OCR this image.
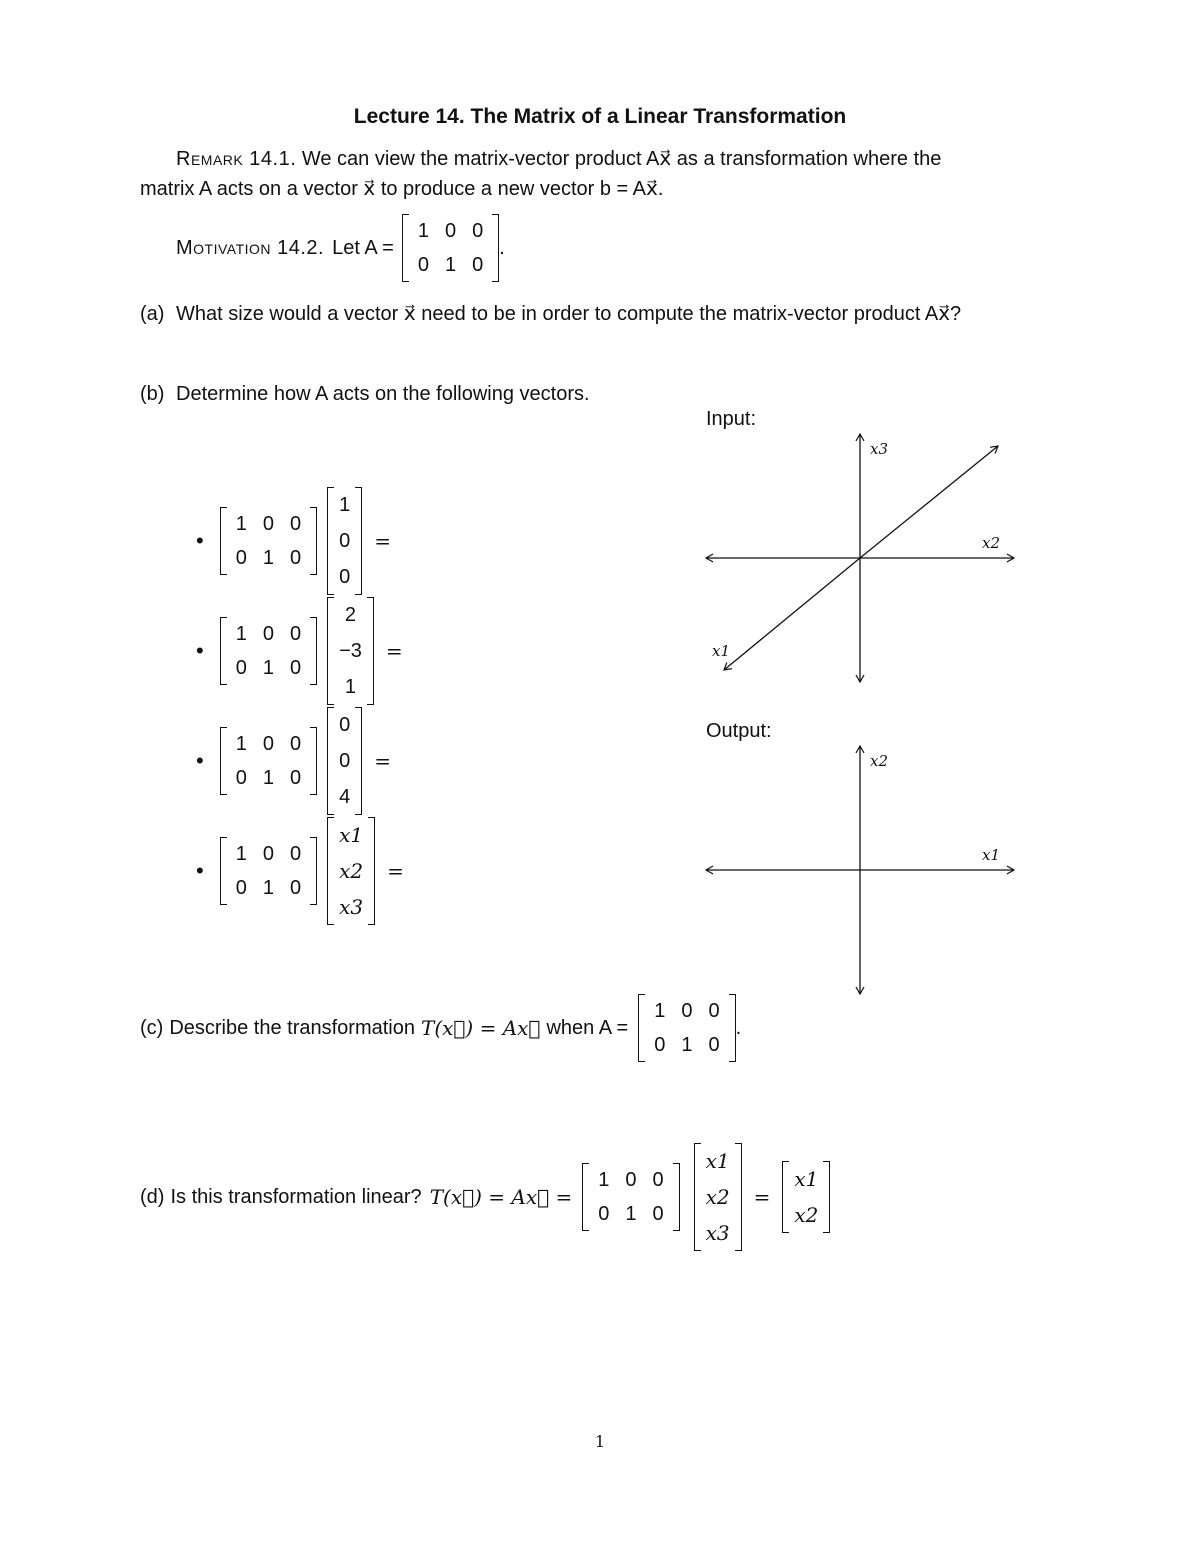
Lecture 14. The Matrix of a Linear Transformation
Remark 14.1. We can view the matrix-vector product Ax⃗ as a transformation where the
matrix A acts on a vector x⃗ to produce a new vector b = Ax⃗.
Motivation 14.2. Let A =
1	0	0
0	1	0
.
(a) What size would a vector x⃗ need to be in order to compute the matrix-vector product Ax⃗?
(b) Determine how A acts on the following vectors.
•
1	0	0
0	1	0
1
0
0
=
•
1	0	0
0	1	0
2
−3
1
=
•
1	0	0
0	1	0
0
0
4
=
•
1	0	0
0	1	0
x1
x2
x3
=
Input:
x3
x2
x1
Output:
x2
x1
(c) Describe the transformation T(x⃗) = Ax⃗ when A =
1	0	0
0	1	0
.
(d) Is this transformation linear? T(x⃗) = Ax⃗ =
1	0	0
0	1	0
x1
x2
x3
=
x1
x2
1
